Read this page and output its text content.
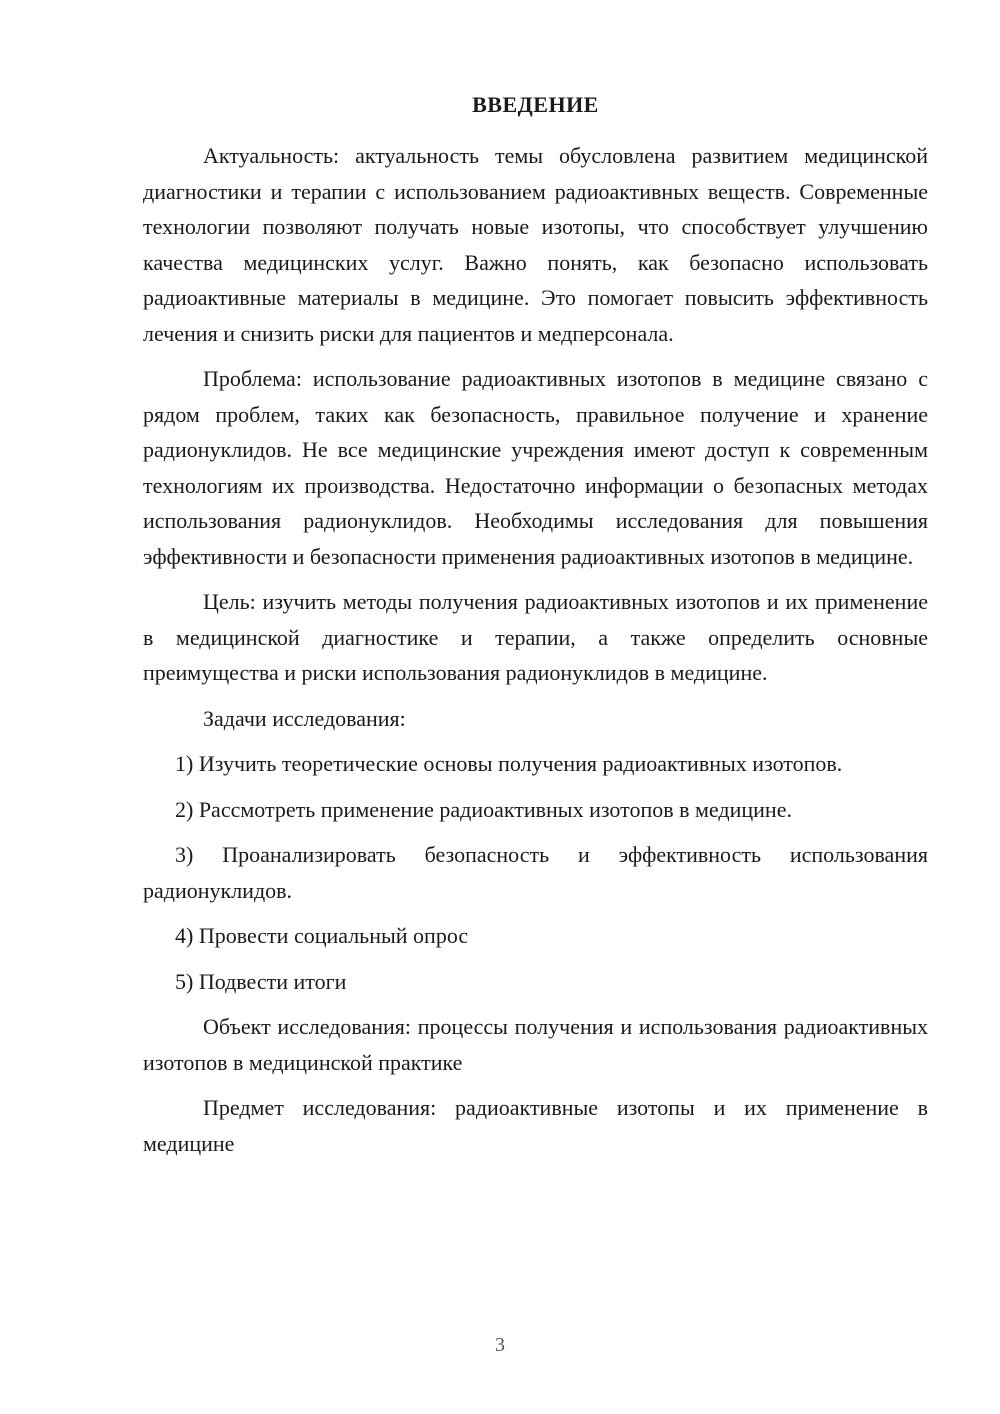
ВВЕДЕНИЕ

Актуальность: актуальность темы обусловлена развитием медицинской диагностики и терапии с использованием радиоактивных веществ. Современные технологии позволяют получать новые изотопы, что способствует улучшению качества медицинских услуг. Важно понять, как безопасно использовать радиоактивные материалы в медицине. Это помогает повысить эффективность лечения и снизить риски для пациентов и медперсонала.

Проблема: использование радиоактивных изотопов в медицине связано с рядом проблем, таких как безопасность, правильное получение и хранение радионуклидов. Не все медицинские учреждения имеют доступ к современным технологиям их производства. Недостаточно информации о безопасных методах использования радионуклидов. Необходимы исследования для повышения эффективности и безопасности применения радиоактивных изотопов в медицине.

Цель: изучить методы получения радиоактивных изотопов и их применение в медицинской диагностике и терапии, а также определить основные преимущества и риски использования радионуклидов в медицине.

Задачи исследования:

1) Изучить теоретические основы получения радиоактивных изотопов.

2) Рассмотреть применение радиоактивных изотопов в медицине.

3) Проанализировать безопасность и эффективность использования радионуклидов.

4) Провести социальный опрос

5) Подвести итоги

Объект исследования: процессы получения и использования радиоактивных изотопов в медицинской практике

Предмет исследования: радиоактивные изотопы и их применение в медицине

3
